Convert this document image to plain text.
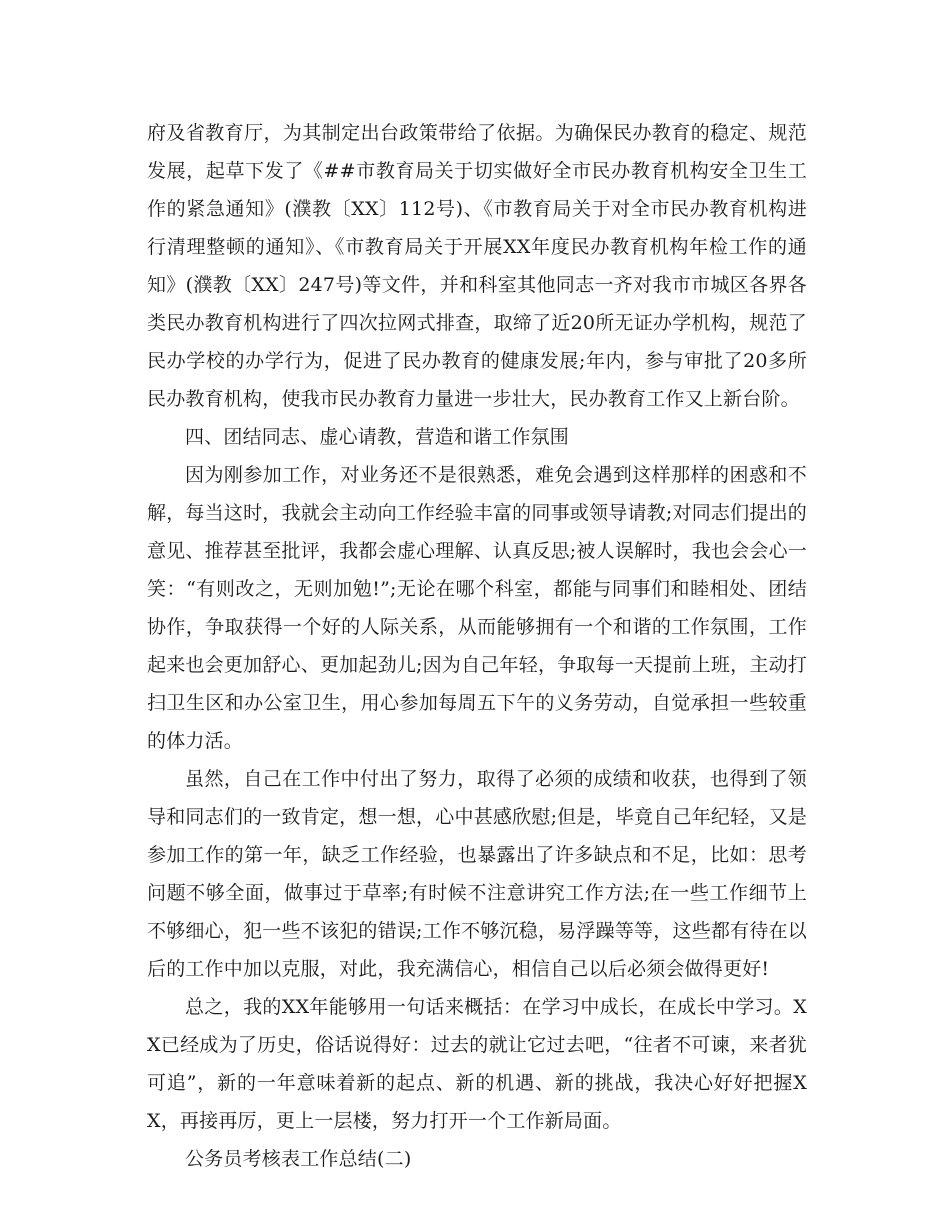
府及省教育厅，为其制定出台政策带给了依据。为确保民办教育的稳定、规范发展，起草下发了《##市教育局关于切实做好全市民办教育机构安全卫生工作的紧急通知》(濮教〔XX〕112号)、《市教育局关于对全市民办教育机构进行清理整顿的通知》、《市教育局关于开展XX年度民办教育机构年检工作的通知》(濮教〔XX〕247号)等文件，并和科室其他同志一齐对我市市城区各界各类民办教育机构进行了四次拉网式排查，取缔了近20所无证办学机构，规范了民办学校的办学行为，促进了民办教育的健康发展;年内，参与审批了20多所民办教育机构，使我市民办教育力量进一步壮大，民办教育工作又上新台阶。

四、团结同志、虚心请教，营造和谐工作氛围

因为刚参加工作，对业务还不是很熟悉，难免会遇到这样那样的困惑和不解，每当这时，我就会主动向工作经验丰富的同事或领导请教;对同志们提出的意见、推荐甚至批评，我都会虚心理解、认真反思;被人误解时，我也会会心一笑：“有则改之，无则加勉!”;无论在哪个科室，都能与同事们和睦相处、团结协作，争取获得一个好的人际关系，从而能够拥有一个和谐的工作氛围，工作起来也会更加舒心、更加起劲儿;因为自己年轻，争取每一天提前上班，主动打扫卫生区和办公室卫生，用心参加每周五下午的义务劳动，自觉承担一些较重的体力活。

虽然，自己在工作中付出了努力，取得了必须的成绩和收获，也得到了领导和同志们的一致肯定，想一想，心中甚感欣慰;但是，毕竟自己年纪轻，又是参加工作的第一年，缺乏工作经验，也暴露出了许多缺点和不足，比如：思考问题不够全面，做事过于草率;有时候不注意讲究工作方法;在一些工作细节上不够细心，犯一些不该犯的错误;工作不够沉稳，易浮躁等等，这些都有待在以后的工作中加以克服，对此，我充满信心，相信自己以后必须会做得更好!

总之，我的XX年能够用一句话来概括：在学习中成长，在成长中学习。XX已经成为了历史，俗话说得好：过去的就让它过去吧，“往者不可谏，来者犹可追”，新的一年意味着新的起点、新的机遇、新的挑战，我决心好好把握XX，再接再厉，更上一层楼，努力打开一个工作新局面。

公务员考核表工作总结(二)
